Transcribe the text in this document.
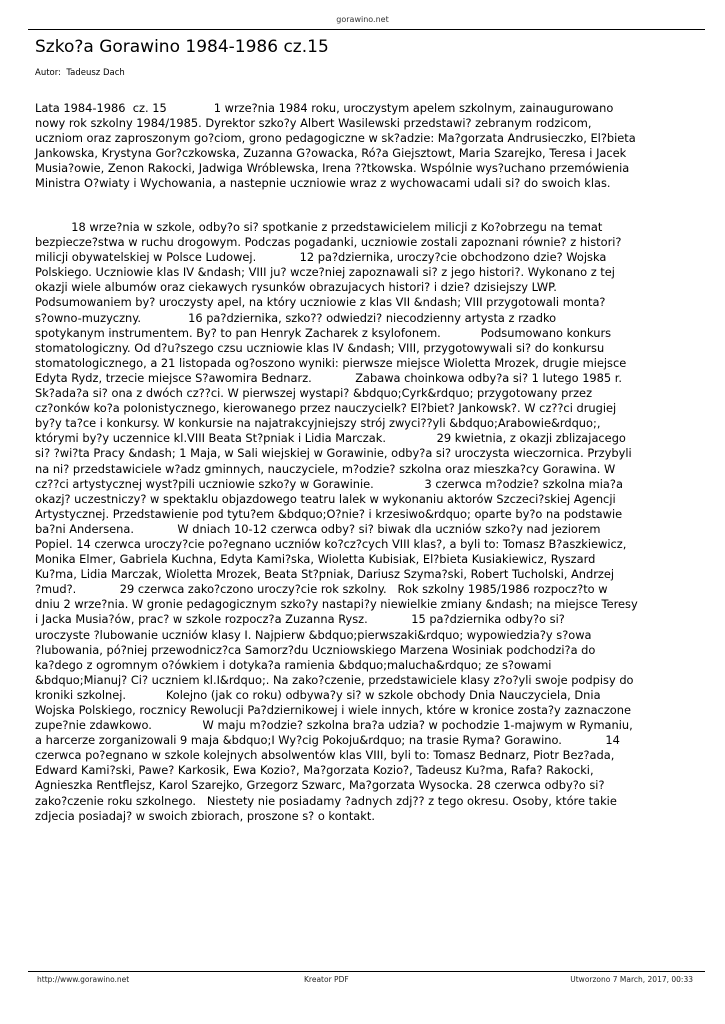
gorawino.net
Szko?a Gorawino 1984-1986 cz.15
Autor:  Tadeusz Dach

Lata 1984-1986  cz. 15             1 wrze?nia 1984 roku, uroczystym apelem szkolnym, zainaugurowano
nowy rok szkolny 1984/1985. Dyrektor szko?y Albert Wasilewski przedstawi? zebranym rodzicom,
uczniom oraz zaproszonym go?ciom, grono pedagogiczne w sk?adzie: Ma?gorzata Andrusieczko, El?bieta
Jankowska, Krystyna Gor?czkowska, Zuzanna G?owacka, Ró?a Giejsztowt, Maria Szarejko, Teresa i Jacek
Musia?owie, Zenon Rakocki, Jadwiga Wróblewska, Irena ??tkowska. Wspólnie wys?uchano przemówienia
Ministra O?wiaty i Wychowania, a nastepnie uczniowie wraz z wychowacami udali si? do swoich klas.

18 wrze?nia w szkole, odby?o si? spotkanie z przedstawicielem milicji z Ko?obrzegu na temat
bezpiecze?stwa w ruchu drogowym. Podczas pogadanki, uczniowie zostali zapoznani równie? z histori?
milicji obywatelskiej w Polsce Ludowej.            12 pa?dziernika, uroczy?cie obchodzono dzie? Wojska
Polskiego. Uczniowie klas IV &ndash; VIII ju? wcze?niej zapoznawali si? z jego histori?. Wykonano z tej
okazji wiele albumów oraz ciekawych rysunków obrazujacych histori? i dzie? dzisiejszy LWP.
Podsumowaniem by? uroczysty apel, na który uczniowie z klas VII &ndash; VIII przygotowali monta?
s?owno-muzyczny.             16 pa?dziernika, szko?? odwiedzi? niecodzienny artysta z rzadko
spotykanym instrumentem. By? to pan Henryk Zacharek z ksylofonem.           Podsumowano konkurs
stomatologiczny. Od d?u?szego czsu uczniowie klas IV &ndash; VIII, przygotowywali si? do konkursu
stomatologicznego, a 21 listopada og?oszono wyniki: pierwsze miejsce Wioletta Mrozek, drugie miejsce
Edyta Rydz, trzecie miejsce S?awomira Bednarz.            Zabawa choinkowa odby?a si? 1 lutego 1985 r.
Sk?ada?a si? ona z dwóch cz??ci. W pierwszej wystapi? &bdquo;Cyrk&rdquo; przygotowany przez
cz?onków ko?a polonistycznego, kierowanego przez nauczycielk? El?biet? Jankowsk?. W cz??ci drugiej
by?y ta?ce i konkursy. W konkursie na najatrakcyjniejszy strój zwyci??yli &bdquo;Arabowie&rdquo;,
którymi by?y uczennice kl.VIII Beata St?pniak i Lidia Marczak.              29 kwietnia, z okazji zblizajacego
si? ?wi?ta Pracy &ndash; 1 Maja, w Sali wiejskiej w Gorawinie, odby?a si? uroczysta wieczornica. Przybyli
na ni? przedstawiciele w?adz gminnych, nauczyciele, m?odzie? szkolna oraz mieszka?cy Gorawina. W
cz??ci artystycznej wyst?pili uczniowie szko?y w Gorawinie.              3 czerwca m?odzie? szkolna mia?a
okazj? uczestniczy? w spektaklu objazdowego teatru lalek w wykonaniu aktorów Szczeci?skiej Agencji
Artystycznej. Przedstawienie pod tytu?em &bdquo;O?nie? i krzesiwo&rdquo; oparte by?o na podstawie
ba?ni Andersena.            W dniach 10-12 czerwca odby? si? biwak dla uczniów szko?y nad jeziorem
Popiel. 14 czerwca uroczy?cie po?egnano uczniów ko?cz?cych VIII klas?, a byli to: Tomasz B?aszkiewicz,
Monika Elmer, Gabriela Kuchna, Edyta Kami?ska, Wioletta Kubisiak, El?bieta Kusiakiewicz, Ryszard
Ku?ma, Lidia Marczak, Wioletta Mrozek, Beata St?pniak, Dariusz Szyma?ski, Robert Tucholski, Andrzej
?mud?.            29 czerwca zako?czono uroczy?cie rok szkolny.   Rok szkolny 1985/1986 rozpocz?to w
dniu 2 wrze?nia. W gronie pedagogicznym szko?y nastapi?y niewielkie zmiany &ndash; na miejsce Teresy
i Jacka Musia?ów, prac? w szkole rozpocz?a Zuzanna Rysz.            15 pa?dziernika odby?o si?
uroczyste ?lubowanie uczniów klasy I. Najpierw &bdquo;pierwszaki&rdquo; wypowiedzia?y s?owa
?lubowania, pó?niej przewodnicz?ca Samorz?du Uczniowskiego Marzena Wosiniak podchodzi?a do
ka?dego z ogromnym o?ówkiem i dotyka?a ramienia &bdquo;malucha&rdquo; ze s?owami
&bdquo;Mianuj? Ci? uczniem kl.I&rdquo;. Na zako?czenie, przedstawiciele klasy z?o?yli swoje podpisy do
kroniki szkolnej.           Kolejno (jak co roku) odbywa?y si? w szkole obchody Dnia Nauczyciela, Dnia
Wojska Polskiego, rocznicy Rewolucji Pa?dziernikowej i wiele innych, które w kronice zosta?y zaznaczone
zupe?nie zdawkowo.              W maju m?odzie? szkolna bra?a udzia? w pochodzie 1-majwym w Rymaniu,
a harcerze zorganizowali 9 maja &bdquo;I Wy?cig Pokoju&rdquo; na trasie Ryma? Gorawino.            14
czerwca po?egnano w szkole kolejnych absolwentów klas VIII, byli to: Tomasz Bednarz, Piotr Bez?ada,
Edward Kami?ski, Pawe? Karkosik, Ewa Kozio?, Ma?gorzata Kozio?, Tadeusz Ku?ma, Rafa? Rakocki,
Agnieszka Rentflejsz, Karol Szarejko, Grzegorz Szwarc, Ma?gorzata Wysocka. 28 czerwca odby?o si?
zako?czenie roku szkolnego.   Niestety nie posiadamy ?adnych zdj?? z tego okresu. Osoby, które takie
zdjecia posiadaj? w swoich zbiorach, proszone s? o kontakt.

http://www.gorawino.net	Kreator PDF	Utworzono 7 March, 2017, 00:33
